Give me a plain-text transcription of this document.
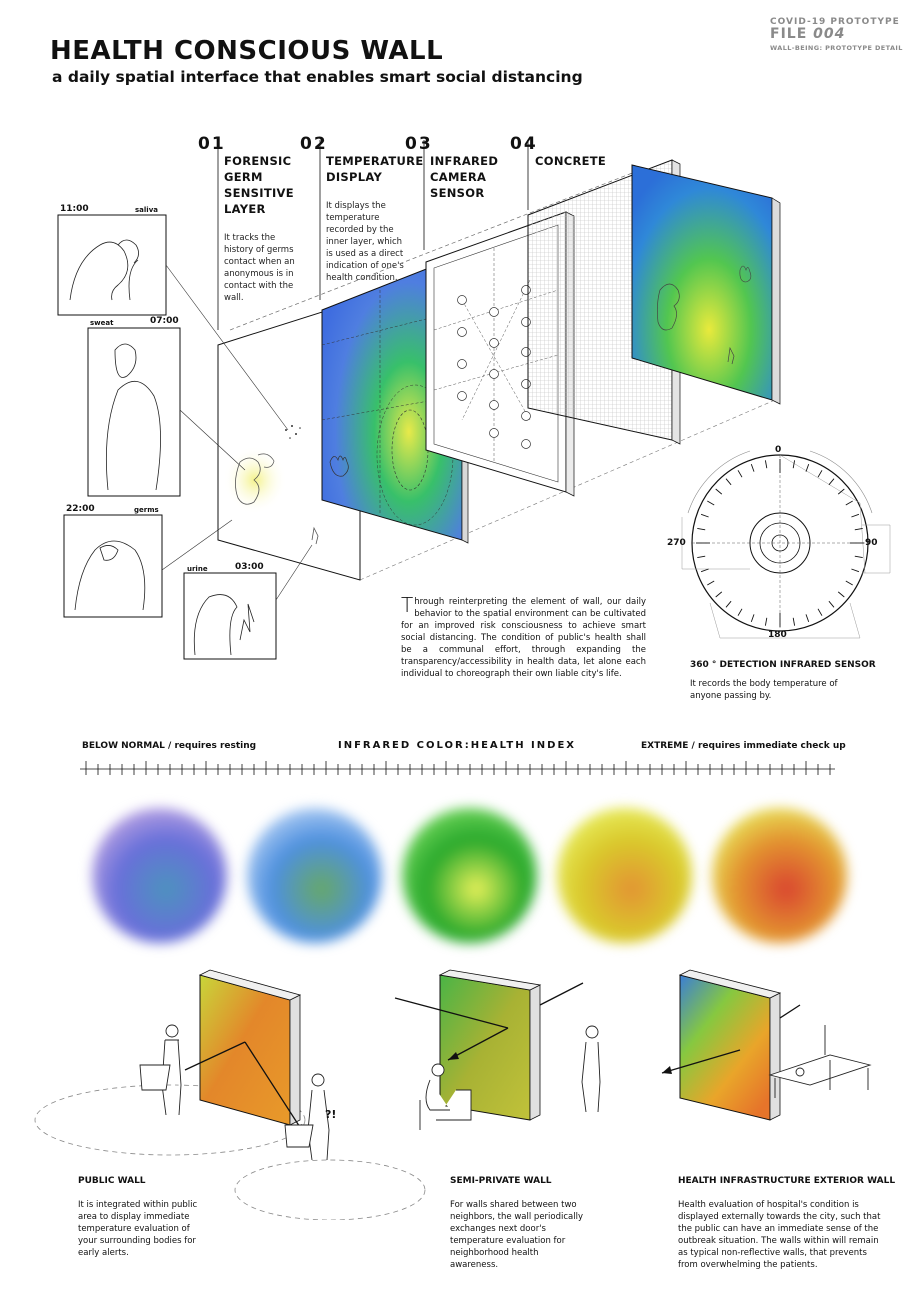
HEALTH CONSCIOUS WALL
a daily spatial interface that enables smart social distancing
COVID-19 PROTOTYPE
FILE 004
WALL-BEING: PROTOTYPE DETAIL
01	02	03	04
FORENSIC GERM SENSITIVE LAYER
TEMPERATURE DISPLAY
INFRARED CAMERA SENSOR
CONCRETE
It tracks the history of germs contact when an anonymous is in contact with the wall.
It displays the temperature recorded by the inner layer, which is used as a direct indication of one's health condition.
11:00	saliva
07:00
sweat
22:00	germs
urine	03:00
0
90
180
270
360 ° DETECTION INFRARED SENSOR
It records the body temperature of anyone passing by.
Through reinterpreting the element of wall, our daily behavior to the spatial environment can be cultivated for an improved risk consciousness to achieve smart social distancing. The condition of public's health shall be a communal effort, through expanding the transparency/accessibility in health data, let alone each individual to choreograph their own liable city's life.
BELOW NORMAL / requires resting	INFRARED COLOR:HEALTH INDEX	EXTREME / requires immediate check up
?!
PUBLIC WALL
It is integrated within public area to display immediate temperature evaluation of your surrounding bodies for early alerts.
SEMI-PRIVATE WALL
For walls shared between two neighbors, the wall periodically exchanges next door's temperature evaluation for neighborhood health awareness.
HEALTH INFRASTRUCTURE EXTERIOR WALL
Health evaluation of hospital's condition is displayed externally towards the city, such that the public can have an immediate sense of the outbreak situation. The walls within will remain as typical non-reflective walls, that prevents from overwhelming the patients.
